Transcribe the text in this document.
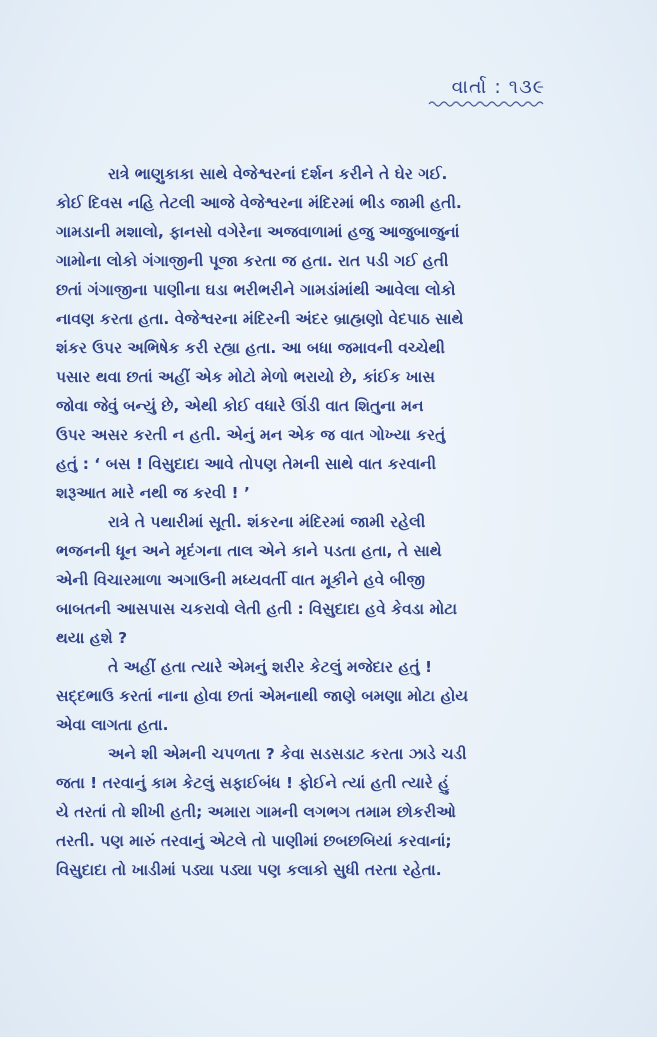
વાર્તા : ૧૩૯
રાત્રે ભાણુકાકા સાથે વેજેશ્વરનાં દર્શન કરીને તે ઘેર ગઈ.
કોઈ દિવસ નહિ તેટલી આજે વેજેશ્વરના મંદિરમાં ભીડ જામી હતી.
ગામડાની મશાલો, ફાનસો વગેરેના અજવાળામાં હજુ આજુબાજુનાં
ગામોના લોકો ગંગાજીની પૂજા કરતા જ હતા. રાત પડી ગઈ હતી
છતાં ગંગાજીના પાણીના ઘડા ભરીભરીને ગામડાંમાંથી આવેલા લોકો
નાવણ કરતા હતા. વેજેશ્વરના મંદિરની અંદર બ્રાહ્મણો વેદપાઠ સાથે
શંકર ઉપર અભિષેક કરી રહ્યા હતા. આ બધા જમાવની વચ્ચેથી
પસાર થવા છતાં અહીં એક મોટો મેળો ભરાયો છે, કાંઈક ખાસ
જોવા જેવું બન્યું છે, એથી કોઈ વધારે ઊંડી વાત શિતુના મન
ઉપર અસર કરતી ન હતી. એનું મન એક જ વાત ગોખ્યા કરતું
હતું : ‘ બસ ! વિસુદાદા આવે તોપણ તેમની સાથે વાત કરવાની
શરૂઆત મારે નથી જ કરવી ! ’
રાત્રે તે પથારીમાં સૂતી. શંકરના મંદિરમાં જામી રહેલી
ભજનની ધૂન અને મૃદંગના તાલ એને કાને પડતા હતા, તે સાથે
એની વિચારમાળા અગાઉની મધ્યવર્તી વાત મૂકીને હવે બીજી
બાબતની આસપાસ ચકરાવો લેતી હતી : વિસુદાદા હવે કેવડા મોટા
થયા હશે ?
તે અહીં હતા ત્યારે એમનું શરીર કેટલું મજેદાર હતું !
સદ્દભાઉ કરતાં નાના હોવા છતાં એમનાથી જાણે બમણા મોટા હોય
એવા લાગતા હતા.
અને શી એમની ચપળતા ? કેવા સડસડાટ કરતા ઝાડે ચડી
જતા ! તરવાનું કામ કેટલું સફાઈબંધ ! ફોઈને ત્યાં હતી ત્યારે હું
યે તરતાં તો શીખી હતી; અમારા ગામની લગભગ તમામ છોકરીઓ
તરતી. પણ મારું તરવાનું એટલે તો પાણીમાં છબછબિયાં કરવાનાં;
વિસુદાદા તો ખાડીમાં પડ્યા પડ્યા પણ કલાકો સુધી તરતા રહેતા.
